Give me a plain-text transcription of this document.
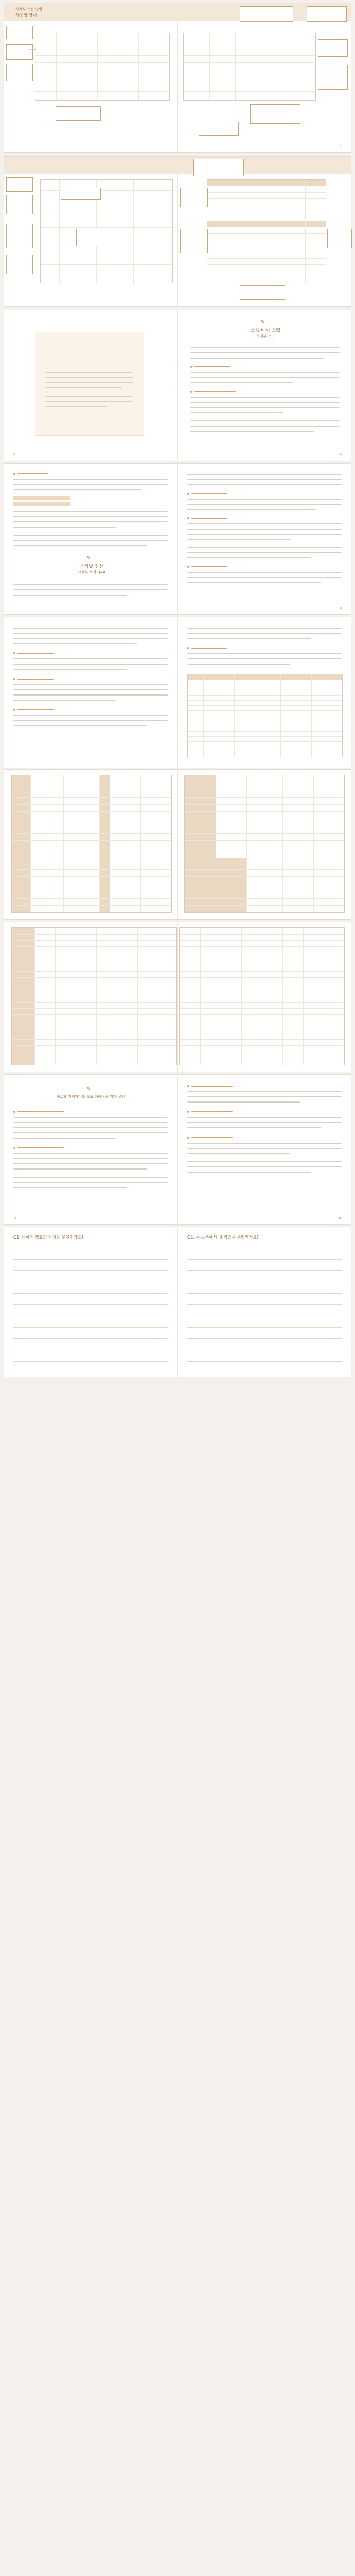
가계부 쓰는 방법
사용법 안내
1	2
5
✎
스텝 바이 스텝
가계부 쓰기
6
✎
목적별 정산
가계부 쓰기 Q&A
7	8
✎
제로웨 지적자이도 목표 해야정을 위한 실천
15	16
Q1. 나에게 필요한 가치는 무엇인가요?	Q2. 돈 공부에서 내 역할은 무엇인가요?
